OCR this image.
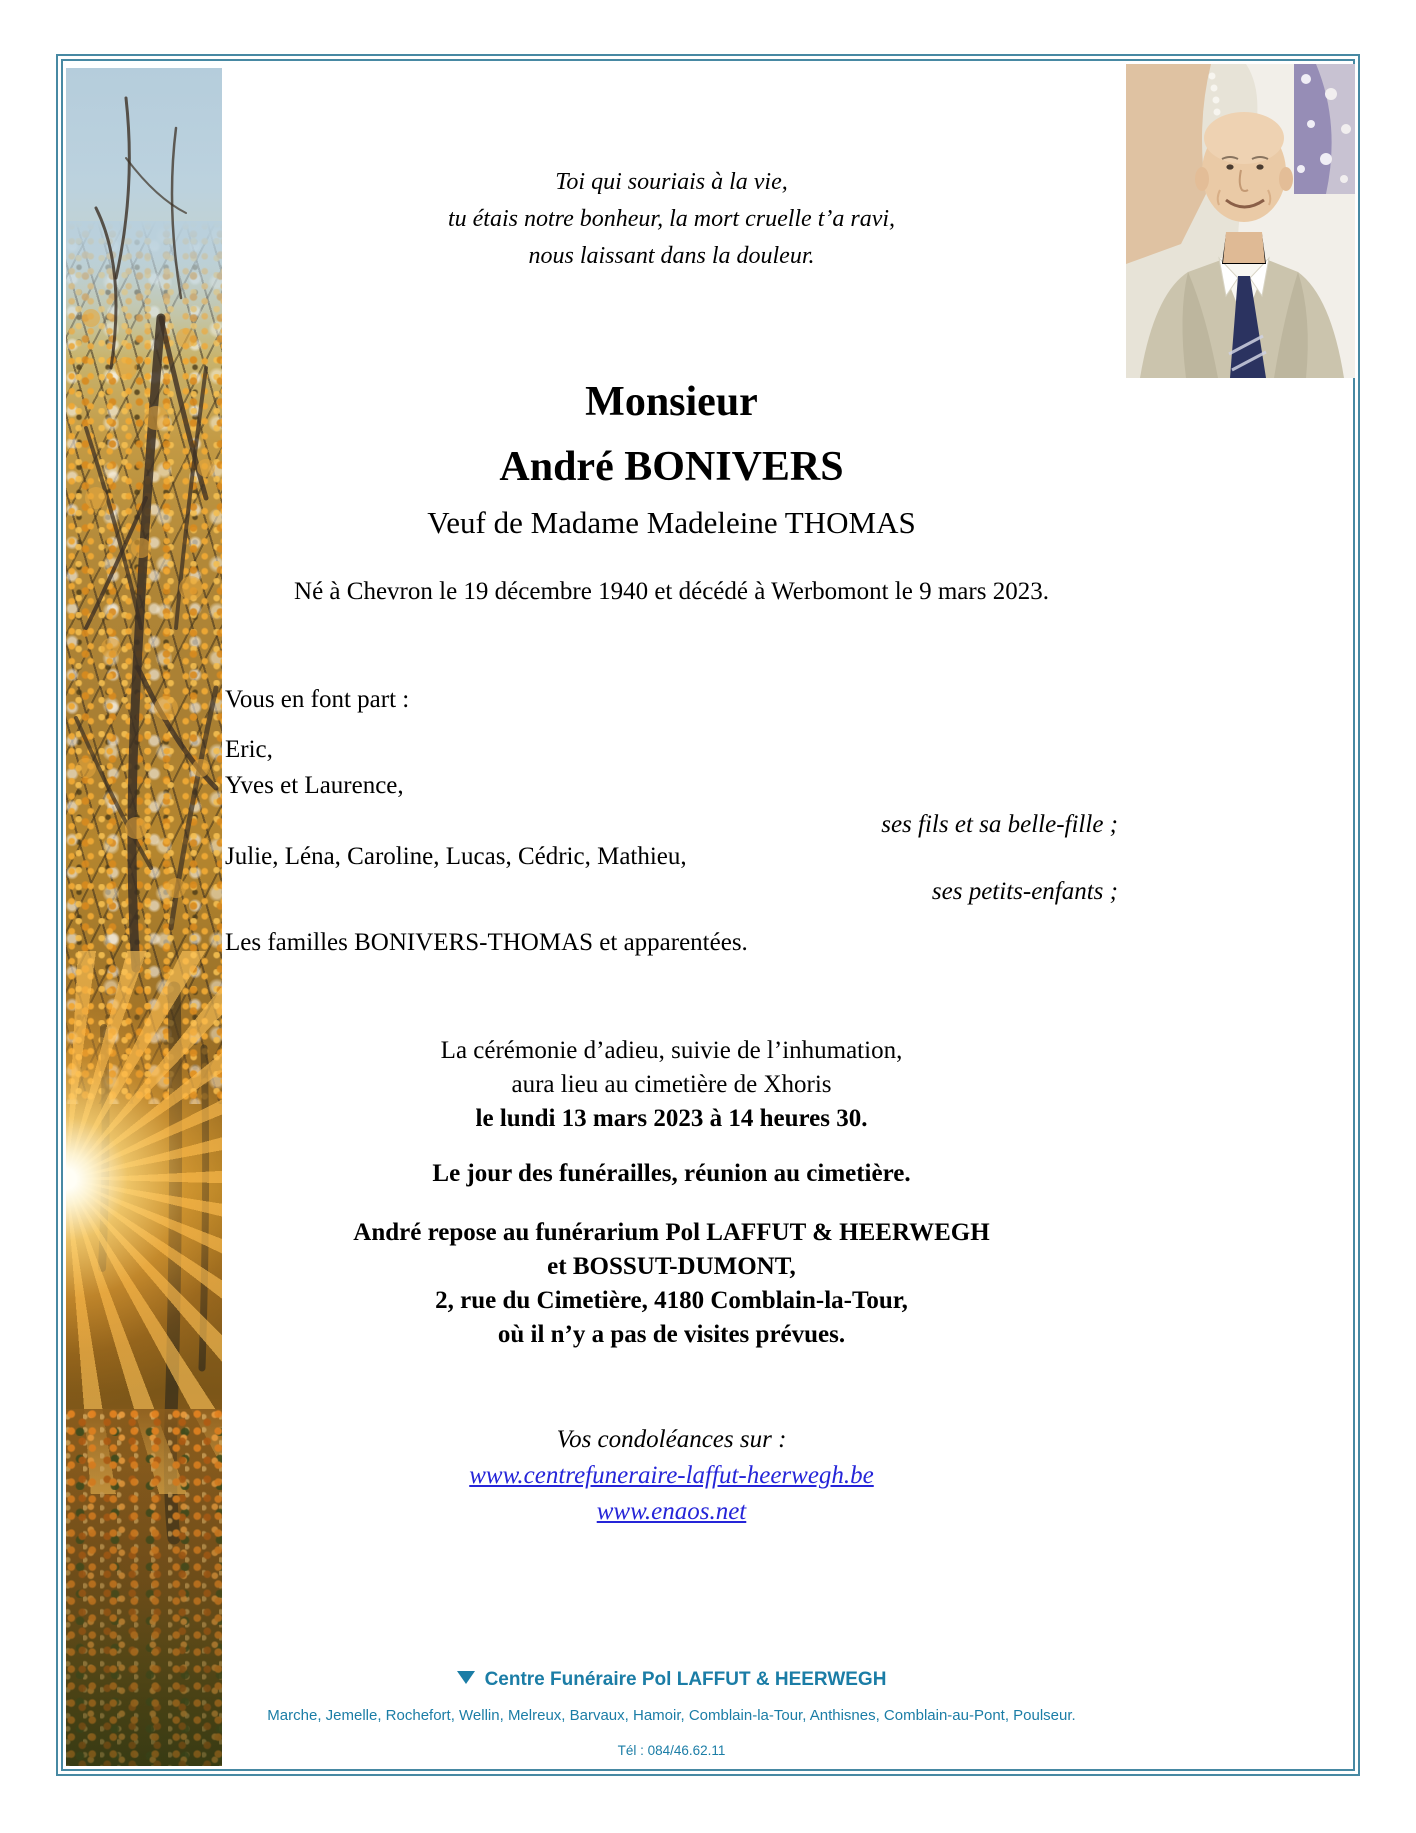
Toi qui souriais à la vie,
tu étais notre bonheur, la mort cruelle t’a ravi,
nous laissant dans la douleur.
Monsieur
André BONIVERS
Veuf de Madame Madeleine THOMAS
Né à Chevron le 19 décembre 1940 et décédé à Werbomont le 9 mars 2023.
Vous en font part :
Eric,
Yves et Laurence,
ses fils et sa belle-fille ;
Julie, Léna, Caroline, Lucas, Cédric, Mathieu,
ses petits-enfants ;
Les familles BONIVERS-THOMAS et apparentées.
La cérémonie d’adieu, suivie de l’inhumation,
aura lieu au cimetière de Xhoris
le lundi 13 mars 2023 à 14 heures 30.
Le jour des funérailles, réunion au cimetière.
André repose au funérarium Pol LAFFUT & HEERWEGH
et BOSSUT-DUMONT,
2, rue du Cimetière, 4180 Comblain-la-Tour,
où il n’y a pas de visites prévues.
Vos condoléances sur :
www.centrefuneraire-laffut-heerwegh.be
www.enaos.net
Centre Funéraire Pol LAFFUT & HEERWEGH
Marche, Jemelle, Rochefort, Wellin, Melreux, Barvaux, Hamoir, Comblain-la-Tour, Anthisnes, Comblain-au-Pont, Poulseur.
Tél : 084/46.62.11
